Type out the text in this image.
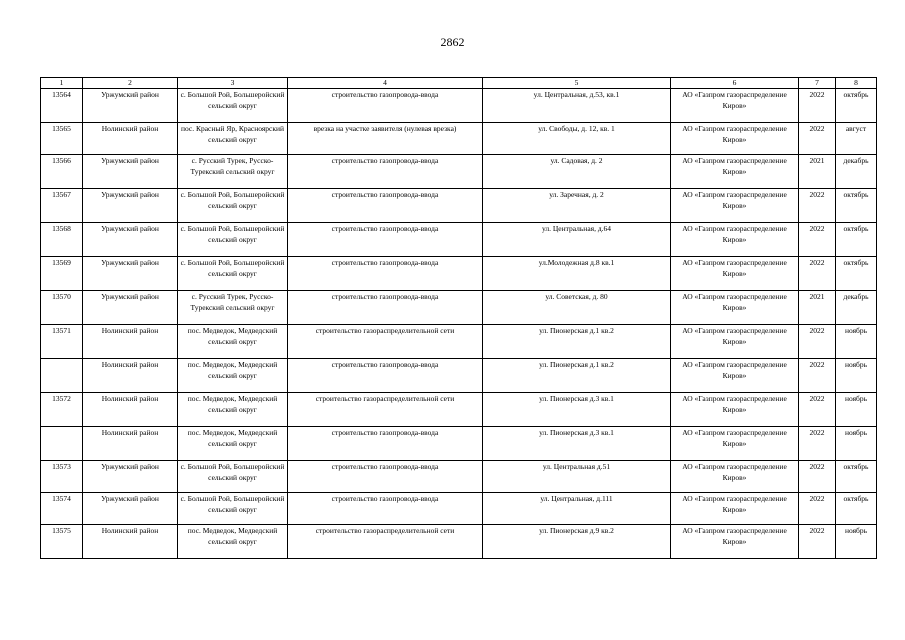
2862
1	2	3	4	5	6	7	8
13564	Уржумский район	с. Большой Рой, Большеройский сельский округ	строительство газопровода-ввода	ул. Центральная, д.53, кв.1	АО «Газпром газораспределение Киров»	2022	октябрь
13565	Нолинский район	пос. Красный Яр, Красноярский сельский округ	врезка на участке заявителя (нулевая врезка)	ул. Свободы, д. 12, кв. 1	АО «Газпром газораспределение Киров»	2022	август
13566	Уржумский район	с. Русский Турек, Русско-Турекский сельский округ	строительство газопровода-ввода	ул. Садовая, д. 2	АО «Газпром газораспределение Киров»	2021	декабрь
13567	Уржумский район	с. Большой Рой, Большеройский сельский округ	строительство газопровода-ввода	ул. Заречная, д. 2	АО «Газпром газораспределение Киров»	2022	октябрь
13568	Уржумский район	с. Большой Рой, Большеройский сельский округ	строительство газопровода-ввода	ул. Центральная, д.64	АО «Газпром газораспределение Киров»	2022	октябрь
13569	Уржумский район	с. Большой Рой, Большеройский сельский округ	строительство газопровода-ввода	ул.Молодежная д.8 кв.1	АО «Газпром газораспределение Киров»	2022	октябрь
13570	Уржумский район	с. Русский Турек, Русско-Турекский сельский округ	строительство газопровода-ввода	ул. Советская, д. 80	АО «Газпром газораспределение Киров»	2021	декабрь
13571	Нолинский район	пос. Медведок, Медведский сельский округ	строительство газораспределительной сети	ул. Пионерская д.1 кв.2	АО «Газпром газораспределение Киров»	2022	ноябрь
	Нолинский район	пос. Медведок, Медведский сельский округ	строительство газопровода-ввода	ул. Пионерская д.1 кв.2	АО «Газпром газораспределение Киров»	2022	ноябрь
13572	Нолинский район	пос. Медведок, Медведский сельский округ	строительство газораспределительной сети	ул. Пионерская д.3 кв.1	АО «Газпром газораспределение Киров»	2022	ноябрь
	Нолинский район	пос. Медведок, Медведский сельский округ	строительство газопровода-ввода	ул. Пионерская д.3 кв.1	АО «Газпром газораспределение Киров»	2022	ноябрь
13573	Уржумский район	с. Большой Рой, Большеройский сельский округ	строительство газопровода-ввода	ул. Центральная д.51	АО «Газпром газораспределение Киров»	2022	октябрь
13574	Уржумский район	с. Большой Рой, Большеройский сельский округ	строительство газопровода-ввода	ул. Центральная, д.111	АО «Газпром газораспределение Киров»	2022	октябрь
13575	Нолинский район	пос. Медведок, Медведский сельский округ	строительство газораспределительной сети	ул. Пионерская д.9 кв.2	АО «Газпром газораспределение Киров»	2022	ноябрь
